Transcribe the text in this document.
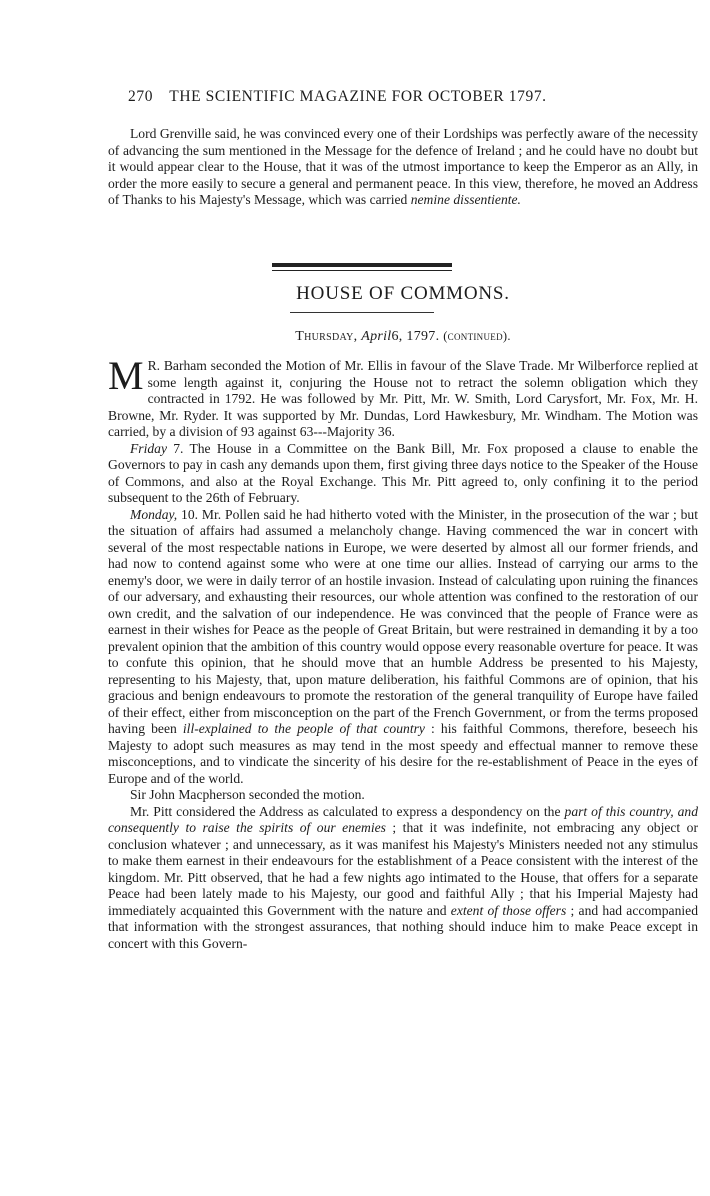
270 THE SCIENTIFIC MAGAZINE FOR OCTOBER 1797.

Lord Grenville said, he was convinced every one of their Lordships was perfectly aware of the necessity of advancing the sum mentioned in the Message for the defence of Ireland ; and he could have no doubt but it would appear clear to the House, that it was of the utmost importance to keep the Emperor as an Ally, in order the more easily to secure a general and permanent peace. In this view, therefore, he moved an Address of Thanks to his Majesty's Message, which was carried nemine dissentiente.

HOUSE OF COMMONS.
Thursday, April6, 1797. (continued).

M R. Barham seconded the Motion of Mr. Ellis in favour of the Slave Trade. Mr Wilberforce replied at some length against it, conjuring the House not to retract the solemn obligation which they contracted in 1792. He was followed by Mr. Pitt, Mr. W. Smith, Lord Carysfort, Mr. Fox, Mr. H. Browne, Mr. Ryder. It was supported by Mr. Dundas, Lord Hawkesbury, Mr. Windham. The Motion was carried, by a division of 93 against 63---Majority 36.

Friday 7. The House in a Committee on the Bank Bill, Mr. Fox proposed a clause to enable the Governors to pay in cash any demands upon them, first giving three days notice to the Speaker of the House of Commons, and also at the Royal Exchange. This Mr. Pitt agreed to, only confining it to the period subsequent to the 26th of February.

Monday, 10. Mr. Pollen said he had hitherto voted with the Minister, in the prosecution of the war ; but the situation of affairs had assumed a melancholy change. Having commenced the war in concert with several of the most respectable nations in Europe, we were deserted by almost all our former friends, and had now to contend against some who were at one time our allies. Instead of carrying our arms to the enemy's door, we were in daily terror of an hostile invasion. Instead of calculating upon ruining the finances of our adversary, and exhausting their resources, our whole attention was confined to the restoration of our own credit, and the salvation of our independence. He was convinced that the people of France were as earnest in their wishes for Peace as the people of Great Britain, but were restrained in demanding it by a too prevalent opinion that the ambition of this country would oppose every reasonable overture for peace. It was to confute this opinion, that he should move that an humble Address be presented to his Majesty, representing to his Majesty, that, upon mature deliberation, his faithful Commons are of opinion, that his gracious and benign endeavours to promote the restoration of the general tranquility of Europe have failed of their effect, either from misconception on the part of the French Government, or from the terms proposed having been ill-explained to the people of that country : his faithful Commons, therefore, beseech his Majesty to adopt such measures as may tend in the most speedy and effectual manner to remove these misconceptions, and to vindicate the sincerity of his desire for the re-establishment of Peace in the eyes of Europe and of the world.

Sir John Macpherson seconded the motion.

Mr. Pitt considered the Address as calculated to express a despondency on the part of this country, and consequently to raise the spirits of our enemies ; that it was indefinite, not embracing any object or conclusion whatever ; and unnecessary, as it was manifest his Majesty's Ministers needed not any stimulus to make them earnest in their endeavours for the establishment of a Peace consistent with the interest of the kingdom. Mr. Pitt observed, that he had a few nights ago intimated to the House, that offers for a separate Peace had been lately made to his Majesty, our good and faithful Ally ; that his Imperial Majesty had immediately acquainted this Government with the nature and extent of those offers ; and had accompanied that information with the strongest assurances, that nothing should induce him to make Peace except in concert with this Govern-
